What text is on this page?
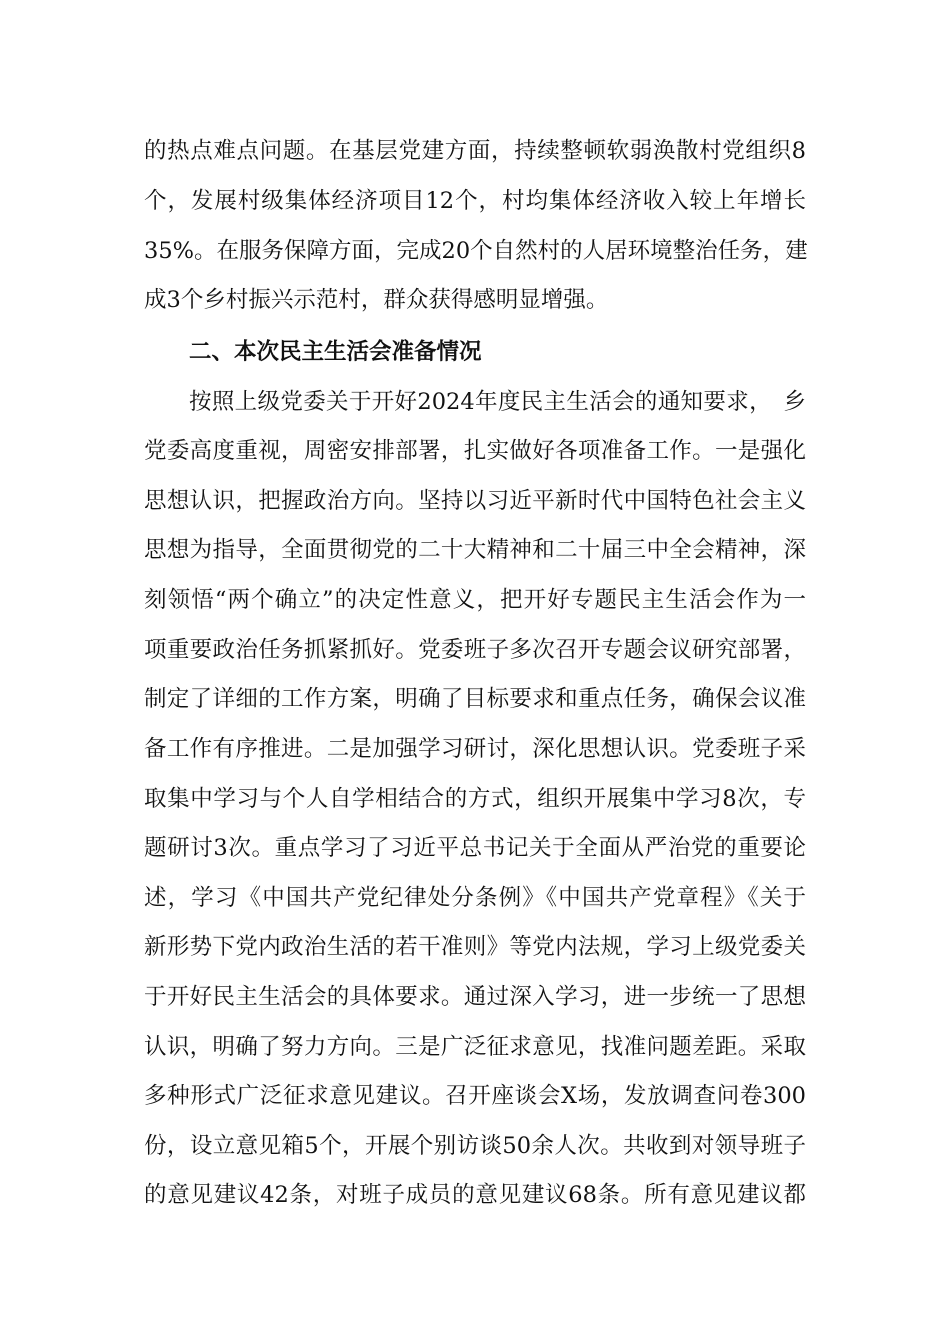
的热点难点问题。在基层党建方面，持续整顿软弱涣散村党组织8
个，发展村级集体经济项目12个，村均集体经济收入较上年增长
35%。在服务保障方面，完成20个自然村的人居环境整治任务，建
成3个乡村振兴示范村，群众获得感明显增强。
二、本次民主生活会准备情况
按照上级党委关于开好2024年度民主生活会的通知要求，　乡
党委高度重视，周密安排部署，扎实做好各项准备工作。一是强化
思想认识，把握政治方向。坚持以习近平新时代中国特色社会主义
思想为指导，全面贯彻党的二十大精神和二十届三中全会精神，深
刻领悟“两个确立”的决定性意义，把开好专题民主生活会作为一
项重要政治任务抓紧抓好。党委班子多次召开专题会议研究部署，
制定了详细的工作方案，明确了目标要求和重点任务，确保会议准
备工作有序推进。二是加强学习研讨，深化思想认识。党委班子采
取集中学习与个人自学相结合的方式，组织开展集中学习8次，专
题研讨3次。重点学习了习近平总书记关于全面从严治党的重要论
述，学习《中国共产党纪律处分条例》《中国共产党章程》《关于
新形势下党内政治生活的若干准则》等党内法规，学习上级党委关
于开好民主生活会的具体要求。通过深入学习，进一步统一了思想
认识，明确了努力方向。三是广泛征求意见，找准问题差距。采取
多种形式广泛征求意见建议。召开座谈会X场，发放调查问卷300
份，设立意见箱5个，开展个别访谈50余人次。共收到对领导班子
的意见建议42条，对班子成员的意见建议68条。所有意见建议都
